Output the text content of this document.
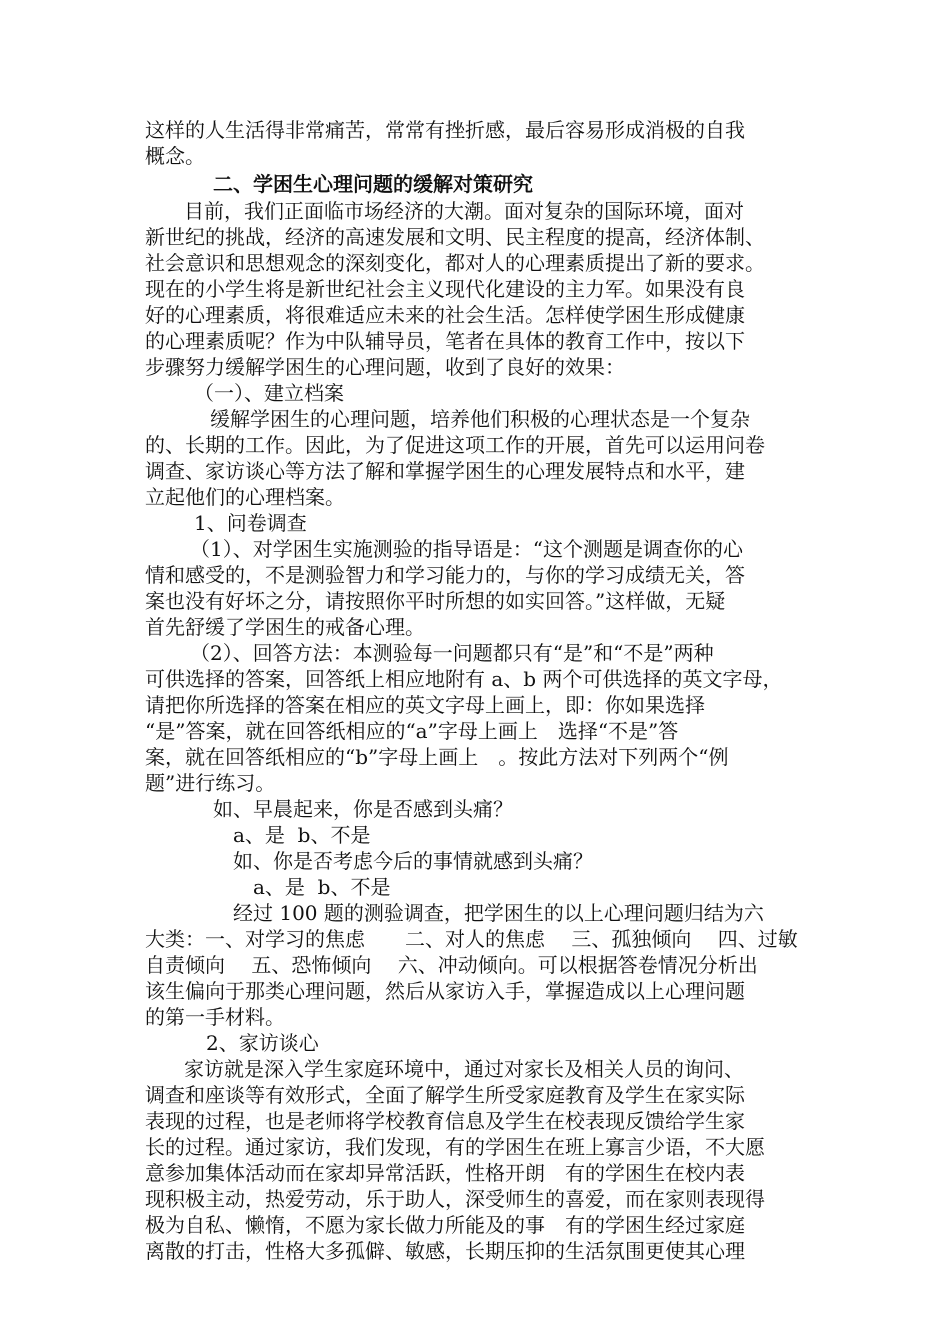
这样的人生活得非常痛苦，常常有挫折感，最后容易形成消极的自我
概念。
二、学困生心理问题的缓解对策研究
目前，我们正面临市场经济的大潮。面对复杂的国际环境，面对
新世纪的挑战，经济的高速发展和文明、民主程度的提高，经济体制、
社会意识和思想观念的深刻变化，都对人的心理素质提出了新的要求。
现在的小学生将是新世纪社会主义现代化建设的主力军。如果没有良
好的心理素质，将很难适应未来的社会生活。怎样使学困生形成健康
的心理素质呢？作为中队辅导员，笔者在具体的教育工作中，按以下
步骤努力缓解学困生的心理问题，收到了良好的效果：
（一）、建立档案
缓解学困生的心理问题，培养他们积极的心理状态是一个复杂
的、长期的工作。因此，为了促进这项工作的开展，首先可以运用问卷
调查、家访谈心等方法了解和掌握学困生的心理发展特点和水平，建
立起他们的心理档案。
1、问卷调查
（1）、对学困生实施测验的指导语是：“这个测题是调查你的心
情和感受的，不是测验智力和学习能力的，与你的学习成绩无关，答
案也没有好坏之分，请按照你平时所想的如实回答。”这样做，无疑
首先舒缓了学困生的戒备心理。
（2）、回答方法：本测验每一问题都只有“是”和“不是”两种
可供选择的答案，回答纸上相应地附有 a、b 两个可供选择的英文字母，
请把你所选择的答案在相应的英文字母上画上，即：你如果选择
“是”答案，就在回答纸相应的“a”字母上画上　选择“不是”答
案，就在回答纸相应的“b”字母上画上　。按此方法对下列两个“例
题”进行练习。
如、早晨起来，你是否感到头痛？
a、是  b、不是
如、你是否考虑今后的事情就感到头痛？
a、是  b、不是
经过 100 题的测验调查，把学困生的以上心理问题归结为六
大类：一、对学习的焦虑　　二、对人的焦虑　 三、孤独倾向　 四、过敏
自责倾向　 五、恐怖倾向　 六、冲动倾向。可以根据答卷情况分析出
该生偏向于那类心理问题，然后从家访入手，掌握造成以上心理问题
的第一手材料。
2、家访谈心
家访就是深入学生家庭环境中，通过对家长及相关人员的询问、
调查和座谈等有效形式，全面了解学生所受家庭教育及学生在家实际
表现的过程，也是老师将学校教育信息及学生在校表现反馈给学生家
长的过程。通过家访，我们发现，有的学困生在班上寡言少语，不大愿
意参加集体活动而在家却异常活跃，性格开朗　有的学困生在校内表
现积极主动，热爱劳动，乐于助人，深受师生的喜爱，而在家则表现得
极为自私、懒惰，不愿为家长做力所能及的事　有的学困生经过家庭
离散的打击，性格大多孤僻、敏感，长期压抑的生活氛围更使其心理
